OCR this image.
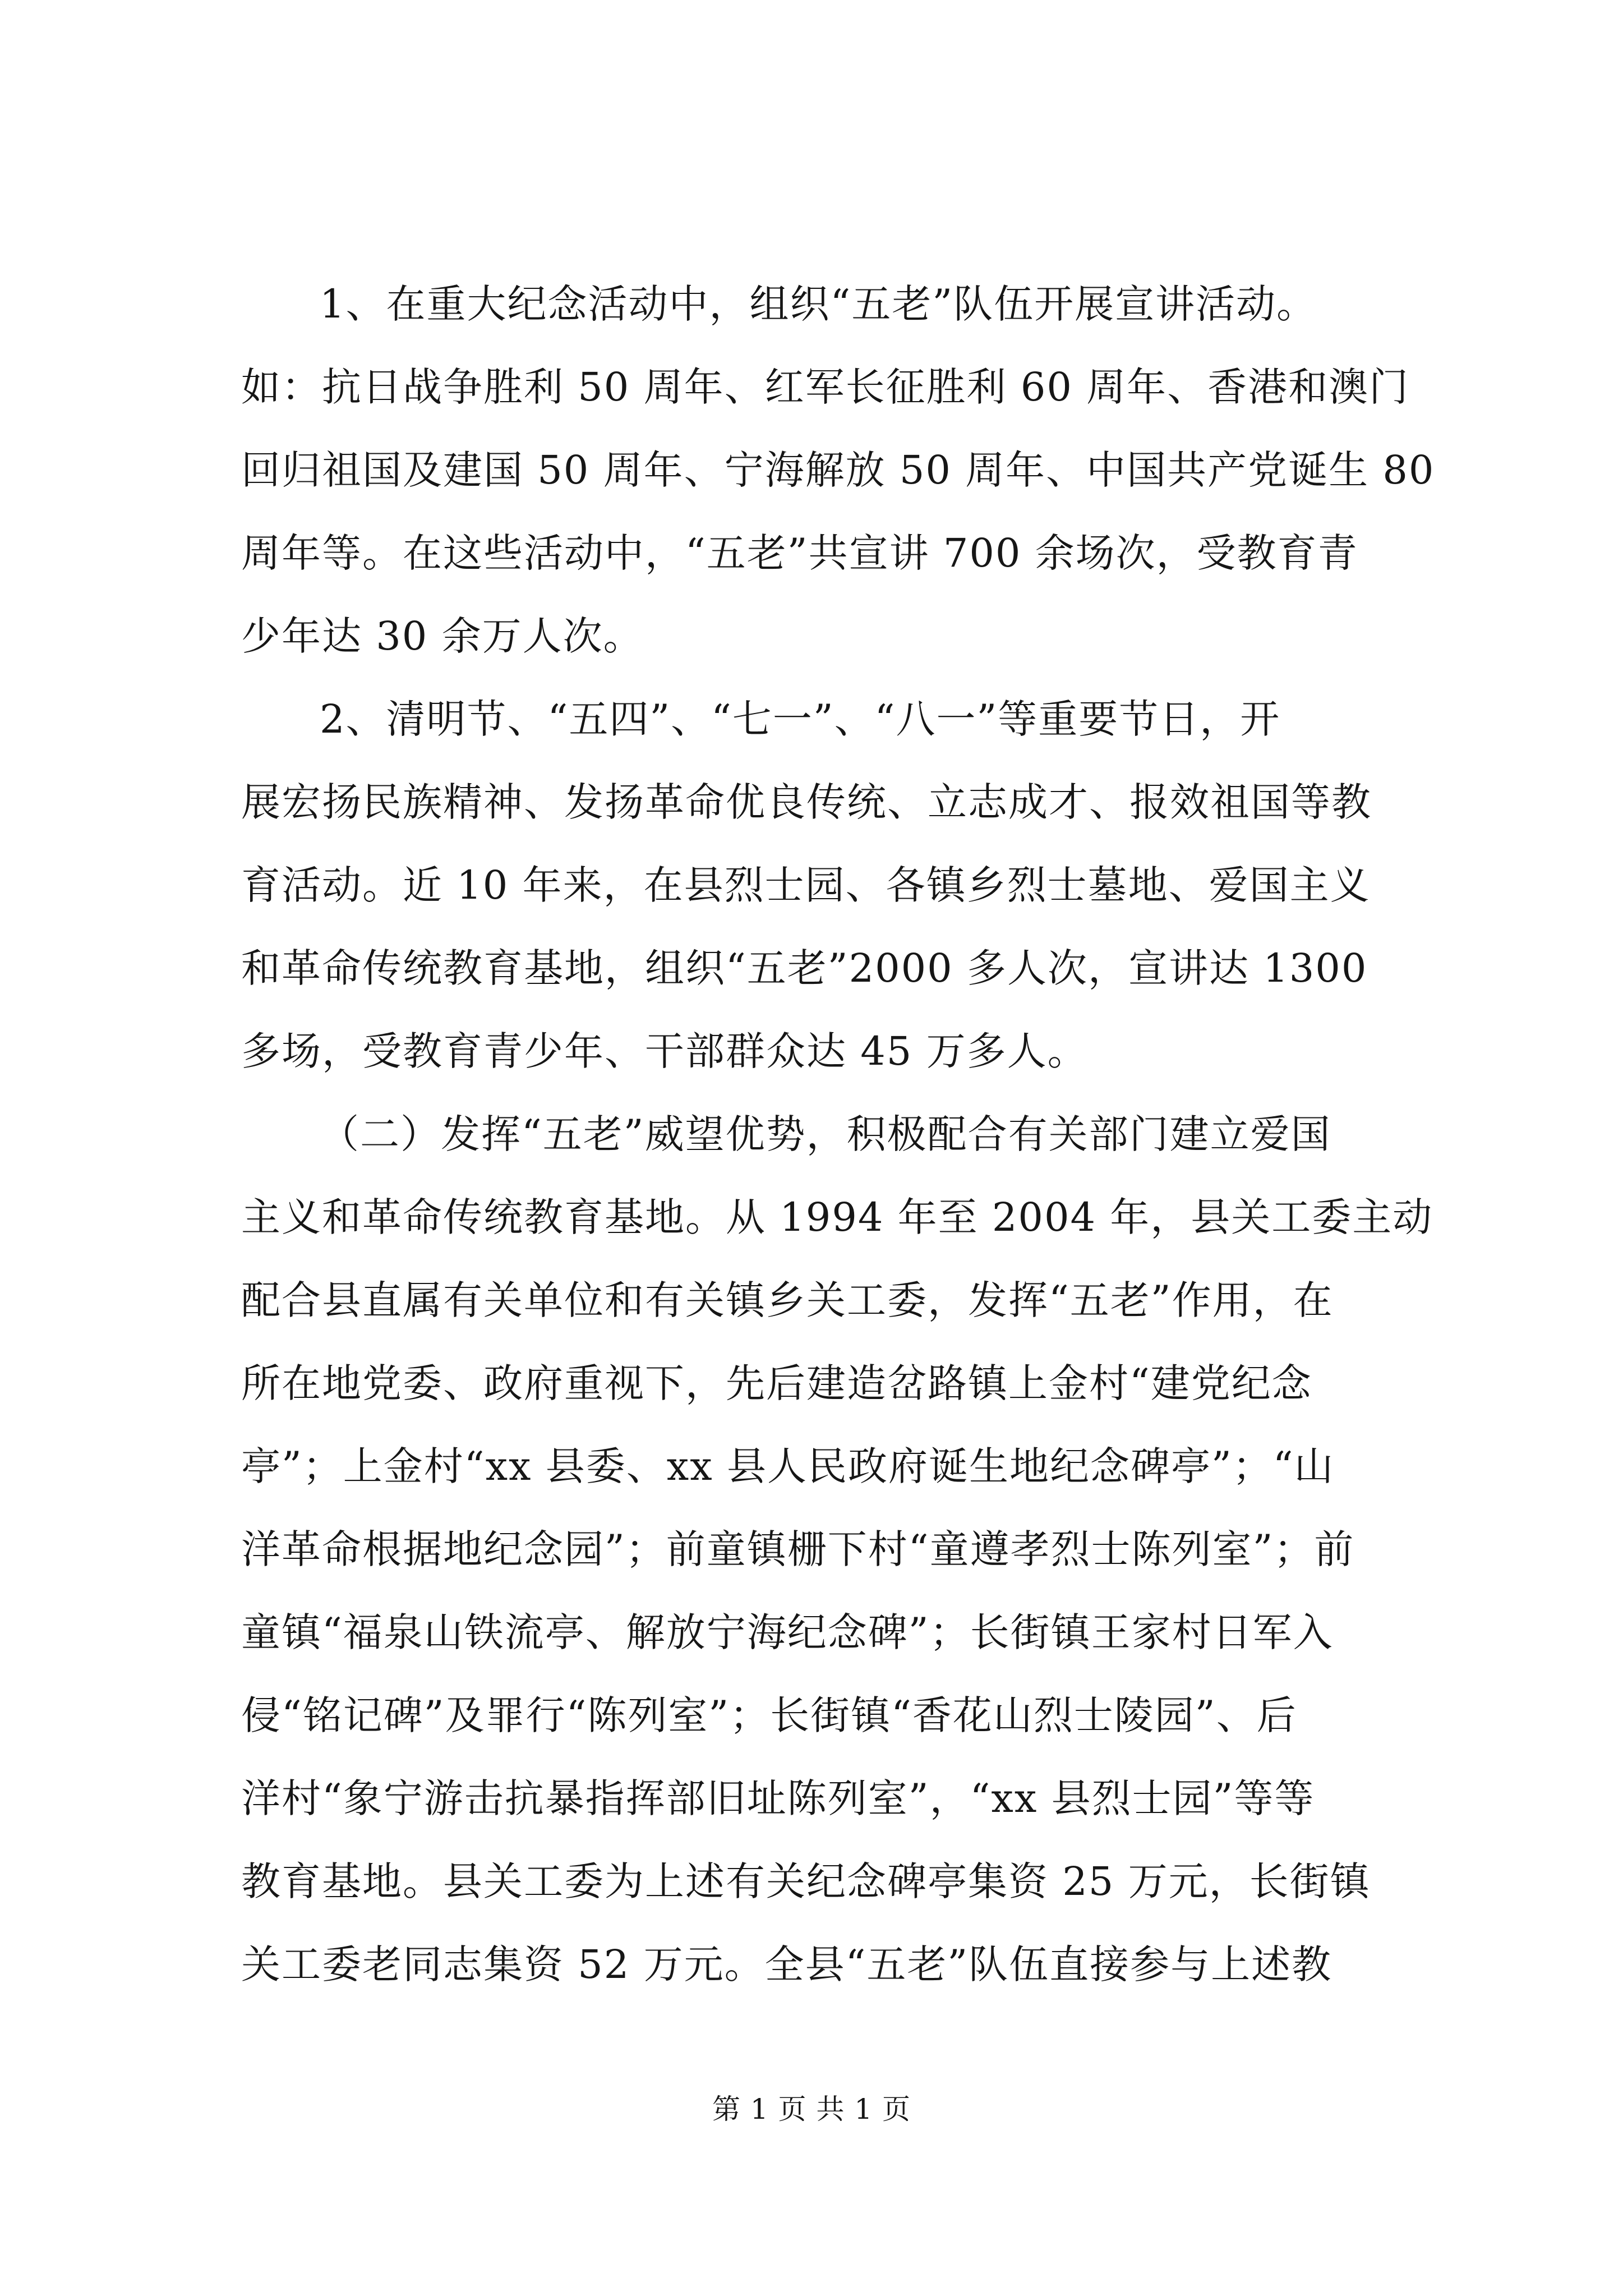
1、在重大纪念活动中，组织“五老”队伍开展宣讲活动。
如：抗日战争胜利 50 周年、红军长征胜利 60 周年、香港和澳门
回归祖国及建国 50 周年、宁海解放 50 周年、中国共产党诞生 80
周年等。在这些活动中，“五老”共宣讲 700 余场次，受教育青
少年达 30 余万人次。
2、清明节、“五四”、“七一”、“八一”等重要节日，开
展宏扬民族精神、发扬革命优良传统、立志成才、报效祖国等教
育活动。近 10 年来，在县烈士园、各镇乡烈士墓地、爱国主义
和革命传统教育基地，组织“五老”2000 多人次，宣讲达 1300
多场，受教育青少年、干部群众达 45 万多人。
（二）发挥“五老”威望优势，积极配合有关部门建立爱国
主义和革命传统教育基地。从 1994 年至 2004 年，县关工委主动
配合县直属有关单位和有关镇乡关工委，发挥“五老”作用，在
所在地党委、政府重视下，先后建造岔路镇上金村“建党纪念
亭”；上金村“xx 县委、xx 县人民政府诞生地纪念碑亭”；“山
洋革命根据地纪念园”；前童镇栅下村“童遵孝烈士陈列室”；前
童镇“福泉山铁流亭、解放宁海纪念碑”；长街镇王家村日军入
侵“铭记碑”及罪行“陈列室”；长街镇“香花山烈士陵园”、后
洋村“象宁游击抗暴指挥部旧址陈列室”，“xx 县烈士园”等等
教育基地。县关工委为上述有关纪念碑亭集资 25 万元，长街镇
关工委老同志集资 52 万元。全县“五老”队伍直接参与上述教
第 1 页 共 1 页
